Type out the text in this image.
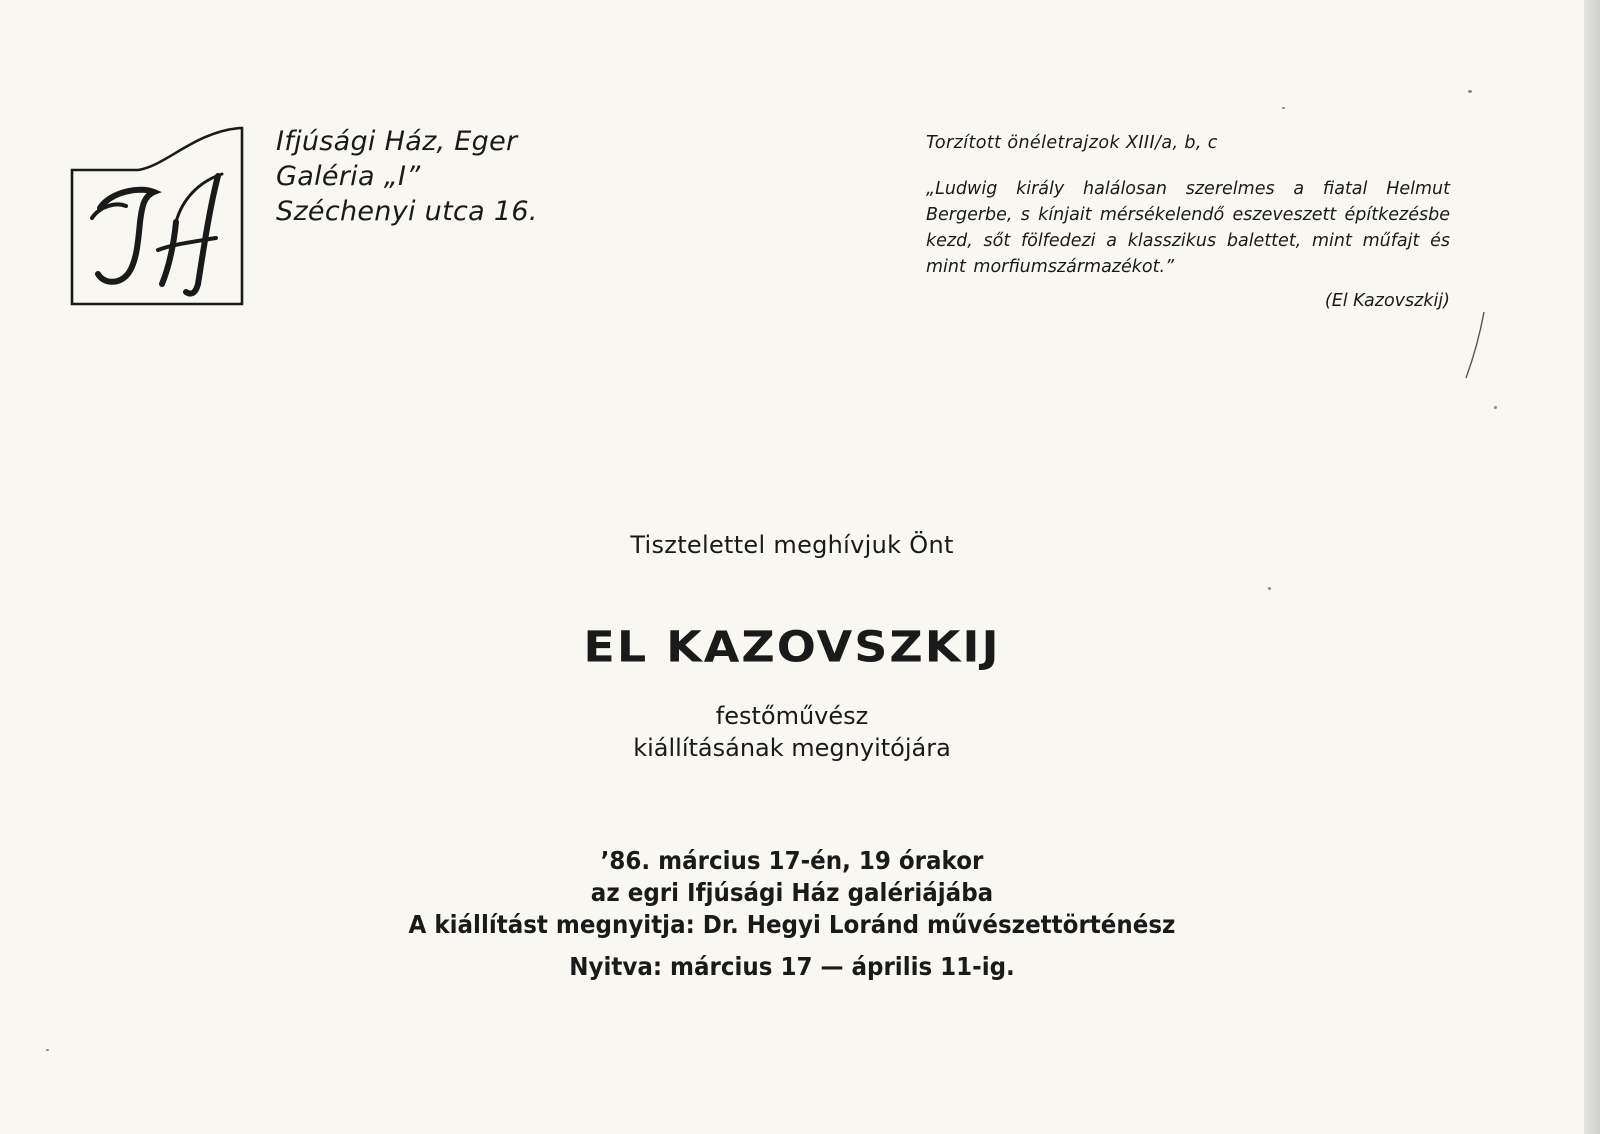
IH	Ifjúsági Ház, Eger
Galéria „I”
Széchenyi utca 16.
Torzított önéletrajzok XIII/a, b, c
„Ludwig király halálosan szerelmes a fiatal Helmut Bergerbe, s kínjait mérsékelendő eszeveszett építkezésbe kezd, sőt fölfedezi a klasszikus balettet, mint műfajt és mint morfiumszármazékot.”
(El Kazovszkij)
Tisztelettel meghívjuk Önt
EL KAZOVSZKIJ
festőművész
kiállításának megnyitójára
’86. március 17-én, 19 órakor
az egri Ifjúsági Ház galériájába
A kiállítást megnyitja: Dr. Hegyi Loránd művészettörténész
Nyitva: március 17 — április 11-ig.
